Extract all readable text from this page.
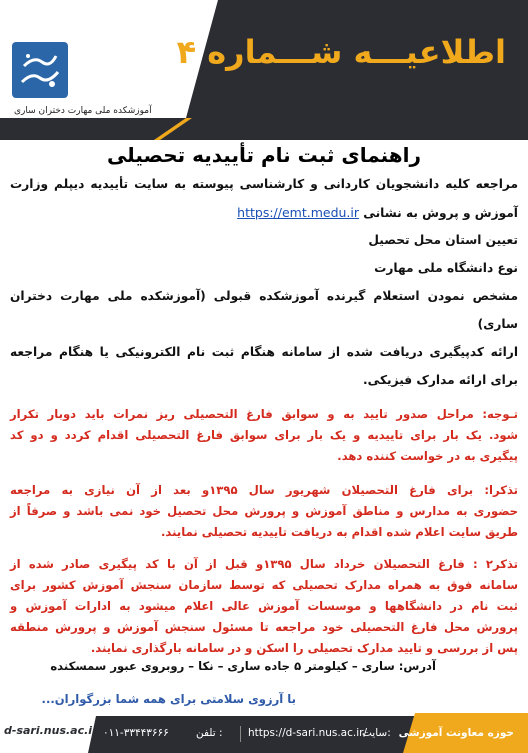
اطلاعیـــه شـــماره ۴
آموزشکده ملی مهارت دختران ساری
راهنمای ثبت نام تأییدیه تحصیلی
مراجعه کلیه دانشجویان کاردانی و کارشناسی پیوسته به سایت تأییدیه دیپلم وزارت
آموزش و پروش به نشانی https://emt.medu.ir
تعیین استان محل تحصیل
نوع دانشگاه ملی مهارت
مشخص نمودن استعلام گیرنده آموزشکده قبولی (آموزشکده ملی مهارت دختران
ساری)
ارائه کدپیگیری دریافت شده از سامانه هنگام ثبت نام الکترونیکی یا هنگام مراجعه
برای ارائه مدارک فیزیکی.
تـوجه: مراحل صدور تایید به و سوابق فارغ التحصیلی ریز نمرات باید دوبار تکرار
شود. یک بار برای تاییدیه و یک بار برای سوابق فارغ التحصیلی اقدام کردد و دو کد
پیگیری به در خواست کننده دهد.
تذکرا: برای فارغ التحصیلان شهریور سال ۱۳۹۵و بعد از آن نیازی به مراجعه
حضوری به مدارس و مناطق آموزش و پرورش محل تحصیل خود نمی باشد و صرفاً از
طریق سایت اعلام شده اقدام به دریافت تاییدیه تحصیلی نمایند.
تذکر۲ : فارغ التحصیلان خرداد سال ۱۳۹۵و قبل از آن با کد پیگیری صادر شده از
سامانه فوق به همراه مدارک تحصیلی که توسط سازمان سنجش آموزش کشور برای
ثبت نام در دانشگاهها و موسسات آموزش عالی اعلام میشود به ادارات آموزش و
پرورش محل فارغ التحصیلی خود مراجعه تا مسئول سنجش آموزش و پرورش منطقه
پس از بررسی و تایید مدارک تحصیلی را اسکن و در سامانه بارگذاری نمایند.
آدرس: ساری – کیلومتر ۵ جاده ساری – نکا – روبروی عبور سمسکنده
با آرزوی سلامتی برای همه شما بزرگواران...
d-sari.nus.ac.ir	حوزه معاونت آموزشی
سایت:
https://d-sari.nus.ac.ir/
تلفن :
۰۱۱-۳۳۴۴۳۶۶۶
